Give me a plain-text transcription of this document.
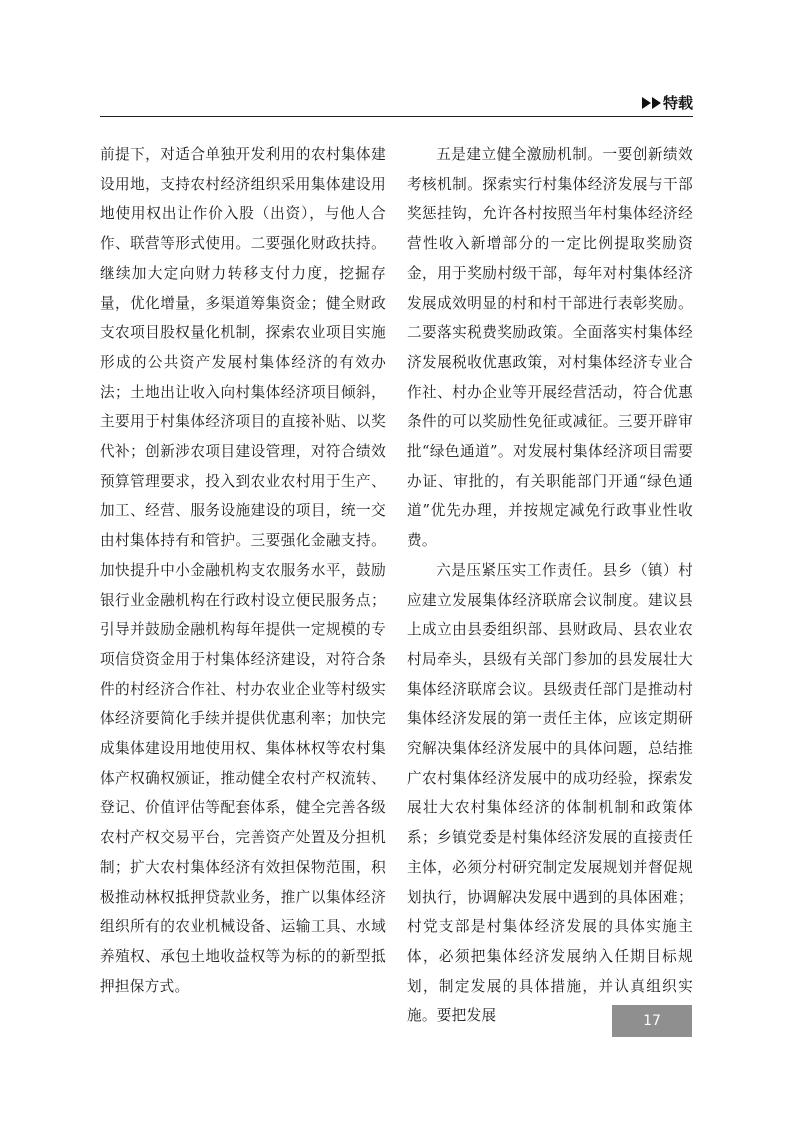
特载

前提下，对适合单独开发利用的农村集体建设用地，支持农村经济组织采用集体建设用地使用权出让作价入股（出资），与他人合作、联营等形式使用。二要强化财政扶持。继续加大定向财力转移支付力度，挖掘存量，优化增量，多渠道筹集资金；健全财政支农项目股权量化机制，探索农业项目实施形成的公共资产发展村集体经济的有效办法；土地出让收入向村集体经济项目倾斜，主要用于村集体经济项目的直接补贴、以奖代补；创新涉农项目建设管理，对符合绩效预算管理要求，投入到农业农村用于生产、加工、经营、服务设施建设的项目，统一交由村集体持有和管护。三要强化金融支持。加快提升中小金融机构支农服务水平，鼓励银行业金融机构在行政村设立便民服务点；引导并鼓励金融机构每年提供一定规模的专项信贷资金用于村集体经济建设，对符合条件的村经济合作社、村办农业企业等村级实体经济要简化手续并提供优惠利率；加快完成集体建设用地使用权、集体林权等农村集体产权确权颁证，推动健全农村产权流转、登记、价值评估等配套体系，健全完善各级农村产权交易平台，完善资产处置及分担机制；扩大农村集体经济有效担保物范围，积极推动林权抵押贷款业务，推广以集体经济组织所有的农业机械设备、运输工具、水域养殖权、承包土地收益权等为标的的新型抵押担保方式。

五是建立健全激励机制。一要创新绩效考核机制。探索实行村集体经济发展与干部奖惩挂钩，允许各村按照当年村集体经济经营性收入新增部分的一定比例提取奖励资金，用于奖励村级干部，每年对村集体经济发展成效明显的村和村干部进行表彰奖励。二要落实税费奖励政策。全面落实村集体经济发展税收优惠政策，对村集体经济专业合作社、村办企业等开展经营活动，符合优惠条件的可以奖励性免征或减征。三要开辟审批“绿色通道”。对发展村集体经济项目需要办证、审批的，有关职能部门开通“绿色通道”优先办理，并按规定减免行政事业性收费。

六是压紧压实工作责任。县乡（镇）村应建立发展集体经济联席会议制度。建议县上成立由县委组织部、县财政局、县农业农村局牵头，县级有关部门参加的县发展壮大集体经济联席会议。县级责任部门是推动村集体经济发展的第一责任主体，应该定期研究解决集体经济发展中的具体问题，总结推广农村集体经济发展中的成功经验，探索发展壮大农村集体经济的体制机制和政策体系；乡镇党委是村集体经济发展的直接责任主体，必须分村研究制定发展规划并督促规划执行，协调解决发展中遇到的具体困难；村党支部是村集体经济发展的具体实施主体，必须把集体经济发展纳入任期目标规划，制定发展的具体措施，并认真组织实施。要把发展	17
